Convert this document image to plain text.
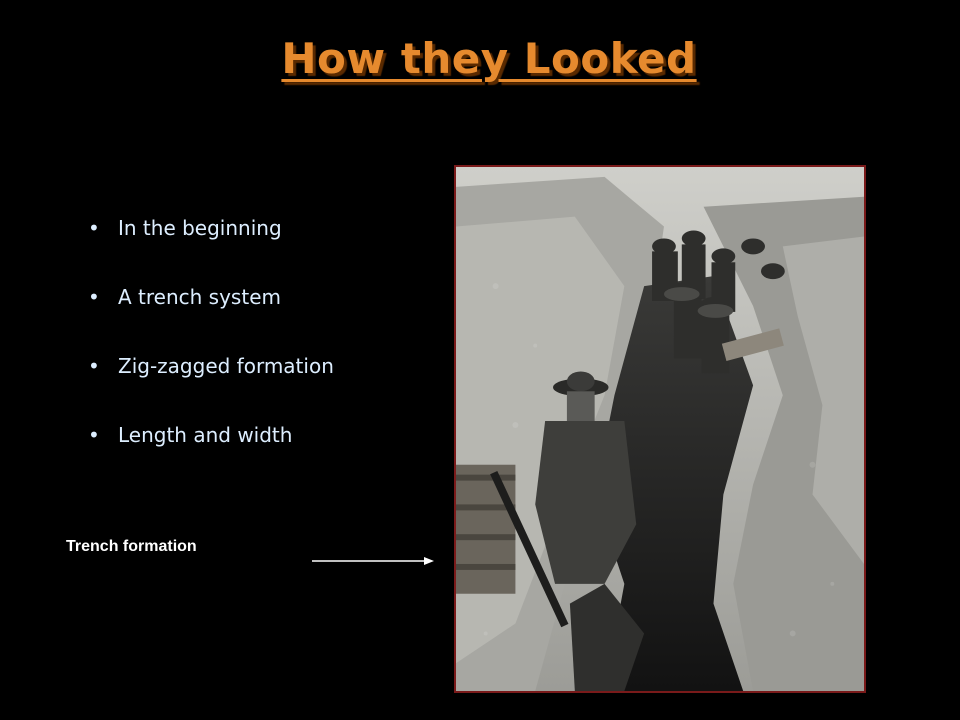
How they Looked
• In the beginning
• A trench system
• Zig-zagged formation
• Length and width
Trench formation
